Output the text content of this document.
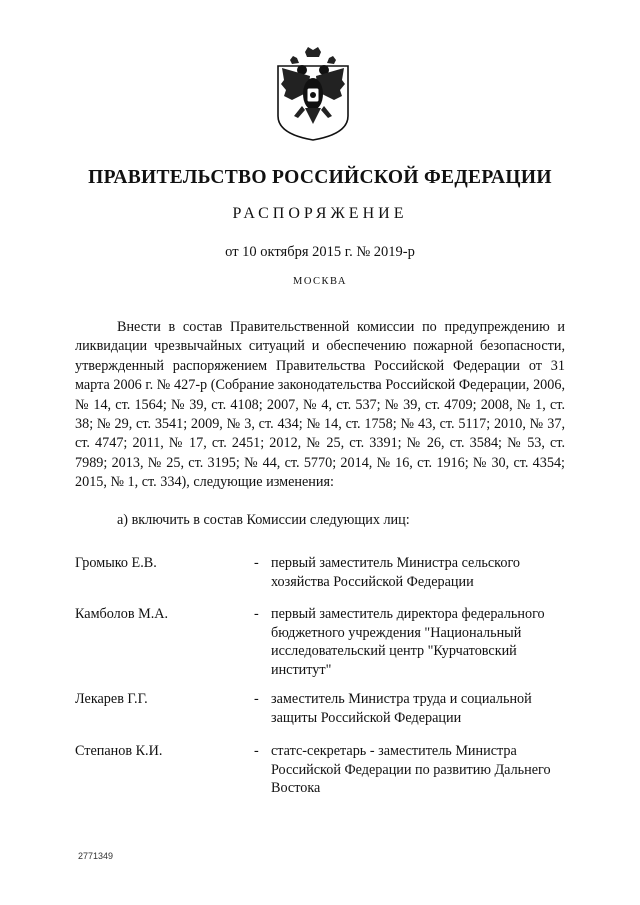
ПРАВИТЕЛЬСТВО РОССИЙСКОЙ ФЕДЕРАЦИИ
РАСПОРЯЖЕНИЕ
от 10 октября 2015 г. № 2019-р
МОСКВА

Внести в состав Правительственной комиссии по предупреждению и ликвидации чрезвычайных ситуаций и обеспечению пожарной безопасности, утвержденный распоряжением Правительства Российской Федерации от 31 марта 2006 г. № 427-р (Собрание законодательства Российской Федерации, 2006, № 14, ст. 1564; № 39, ст. 4108; 2007, № 4, ст. 537; № 39, ст. 4709; 2008, № 1, ст. 38; № 29, ст. 3541; 2009, № 3, ст. 434; № 14, ст. 1758; № 43, ст. 5117; 2010, № 37, ст. 4747; 2011, № 17, ст. 2451; 2012, № 25, ст. 3391; № 26, ст. 3584; № 53, ст. 7989; 2013, № 25, ст. 3195; № 44, ст. 5770; 2014, № 16, ст. 1916; № 30, ст. 4354; 2015, № 1, ст. 334), следующие изменения:

а) включить в состав Комиссии следующих лиц:

Громыко Е.В.	- первый заместитель Министра сельского хозяйства Российской Федерации
Камболов М.А.	- первый заместитель директора федерального бюджетного учреждения "Национальный исследовательский центр "Курчатовский институт"
Лекарев Г.Г.	- заместитель Министра труда и социальной защиты Российской Федерации
Степанов К.И.	- статс-секретарь - заместитель Министра Российской Федерации по развитию Дальнего Востока
2771349
